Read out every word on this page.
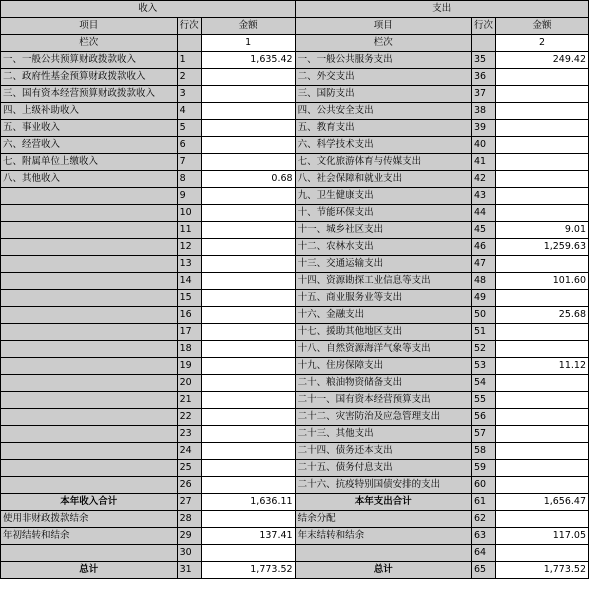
收入			支出		
项目	行次	金额	项目	行次	金额
栏次		1	栏次		2
一、一般公共预算财政拨款收入	1	1,635.42	一、一般公共服务支出	35	249.42
二、政府性基金预算财政拨款收入	2		二、外交支出	36	
三、国有资本经营预算财政拨款收入	3		三、国防支出	37	
四、上级补助收入	4		四、公共安全支出	38	
五、事业收入	5		五、教育支出	39	
六、经营收入	6		六、科学技术支出	40	
七、附属单位上缴收入	7		七、文化旅游体育与传媒支出	41	
八、其他收入	8	0.68	八、社会保障和就业支出	42	
	9		九、卫生健康支出	43	
	10		十、节能环保支出	44	
	11		十一、城乡社区支出	45	9.01
	12		十二、农林水支出	46	1,259.63
	13		十三、交通运输支出	47	
	14		十四、资源勘探工业信息等支出	48	101.60
	15		十五、商业服务业等支出	49	
	16		十六、金融支出	50	25.68
	17		十七、援助其他地区支出	51	
	18		十八、自然资源海洋气象等支出	52	
	19		十九、住房保障支出	53	11.12
	20		二十、粮油物资储备支出	54	
	21		二十一、国有资本经营预算支出	55	
	22		二十二、灾害防治及应急管理支出	56	
	23		二十三、其他支出	57	
	24		二十四、债务还本支出	58	
	25		二十五、债务付息支出	59	
	26		二十六、抗疫特别国债安排的支出	60	
本年收入合计	27	1,636.11	本年支出合计	61	1,656.47
使用非财政拨款结余	28		结余分配	62	
年初结转和结余	29	137.41	年末结转和结余	63	117.05
	30			64	
总计	31	1,773.52	总计	65	1,773.52
